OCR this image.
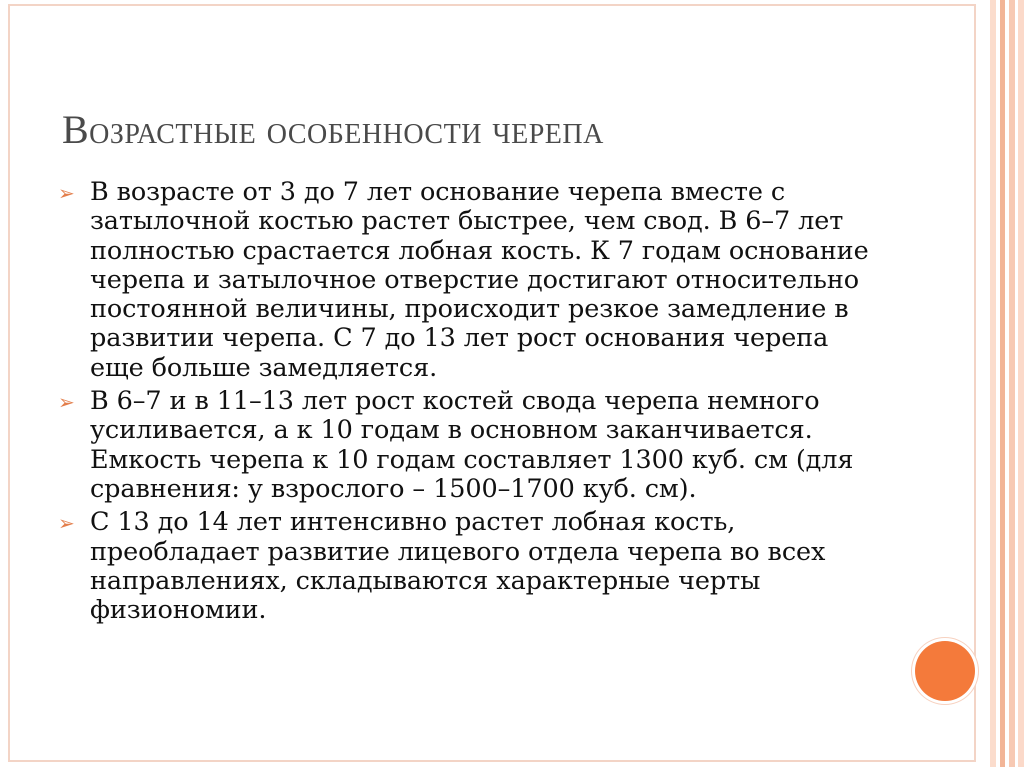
Возрастные особенности черепа
➢ В возрасте от 3 до 7 лет основание черепа вместе с затылочной костью растет быстрее, чем свод. В 6–7 лет полностью срастается лобная кость. К 7 годам основание черепа и затылочное отверстие достигают относительно постоянной величины, происходит резкое замедление в развитии черепа. С 7 до 13 лет рост основания черепа еще больше замедляется.
➢ В 6–7 и в 11–13 лет рост костей свода черепа немного усиливается, а к 10 годам в основном заканчивается. Емкость черепа к 10 годам составляет 1300 куб. см (для сравнения: у взрослого – 1500–1700 куб. см).
➢ С 13 до 14 лет интенсивно растет лобная кость, преобладает развитие лицевого отдела черепа во всех направлениях, складываются характерные черты физиономии.
